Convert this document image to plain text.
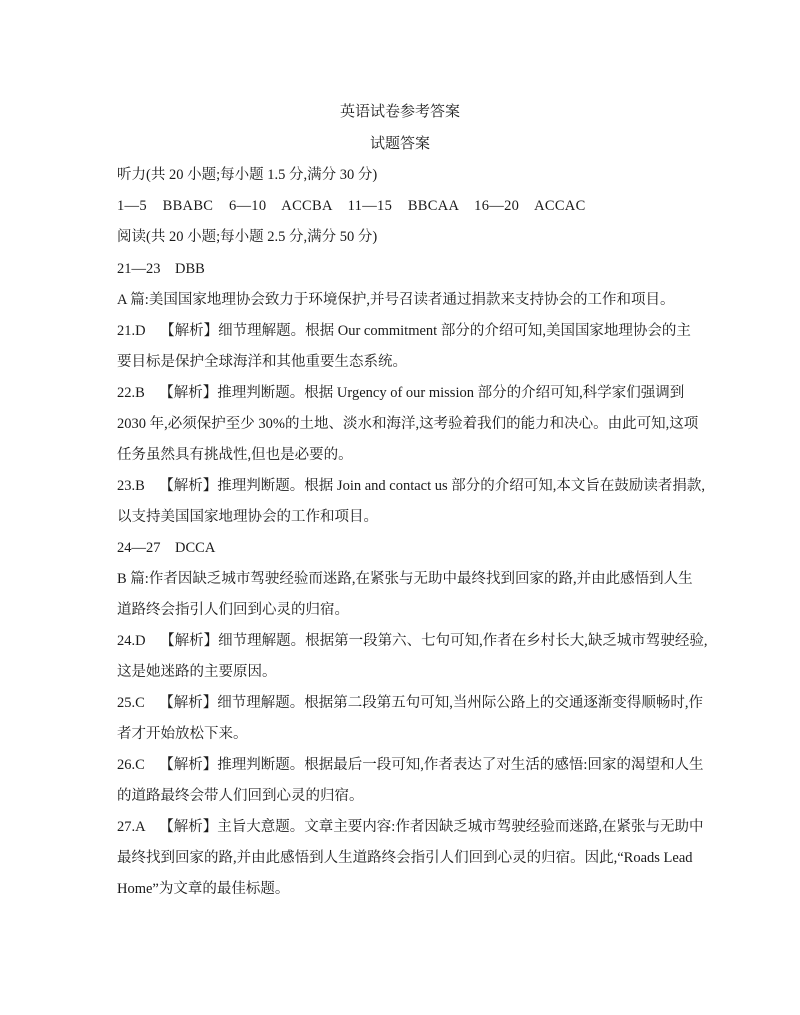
英语试卷参考答案
试题答案
听力(共 20 小题;每小题 1.5 分,满分 30 分)
1—5    BBABC    6—10    ACCBA    11—15    BBCAA    16—20    ACCAC
阅读(共 20 小题;每小题 2.5 分,满分 50 分)
21—23    DBB
A 篇:美国国家地理协会致力于环境保护,并号召读者通过捐款来支持协会的工作和项目。
21.D    【解析】细节理解题。根据 Our commitment 部分的介绍可知,美国国家地理协会的主
要目标是保护全球海洋和其他重要生态系统。
22.B    【解析】推理判断题。根据 Urgency of our mission 部分的介绍可知,科学家们强调到
2030 年,必须保护至少 30%的土地、淡水和海洋,这考验着我们的能力和决心。由此可知,这项
任务虽然具有挑战性,但也是必要的。
23.B    【解析】推理判断题。根据 Join and contact us 部分的介绍可知,本文旨在鼓励读者捐款,
以支持美国国家地理协会的工作和项目。
24—27    DCCA
B 篇:作者因缺乏城市驾驶经验而迷路,在紧张与无助中最终找到回家的路,并由此感悟到人生
道路终会指引人们回到心灵的归宿。
24.D    【解析】细节理解题。根据第一段第六、七句可知,作者在乡村长大,缺乏城市驾驶经验,
这是她迷路的主要原因。
25.C    【解析】细节理解题。根据第二段第五句可知,当州际公路上的交通逐渐变得顺畅时,作
者才开始放松下来。
26.C    【解析】推理判断题。根据最后一段可知,作者表达了对生活的感悟:回家的渴望和人生
的道路最终会带人们回到心灵的归宿。
27.A    【解析】主旨大意题。文章主要内容:作者因缺乏城市驾驶经验而迷路,在紧张与无助中
最终找到回家的路,并由此感悟到人生道路终会指引人们回到心灵的归宿。因此,“Roads Lead
Home”为文章的最佳标题。
